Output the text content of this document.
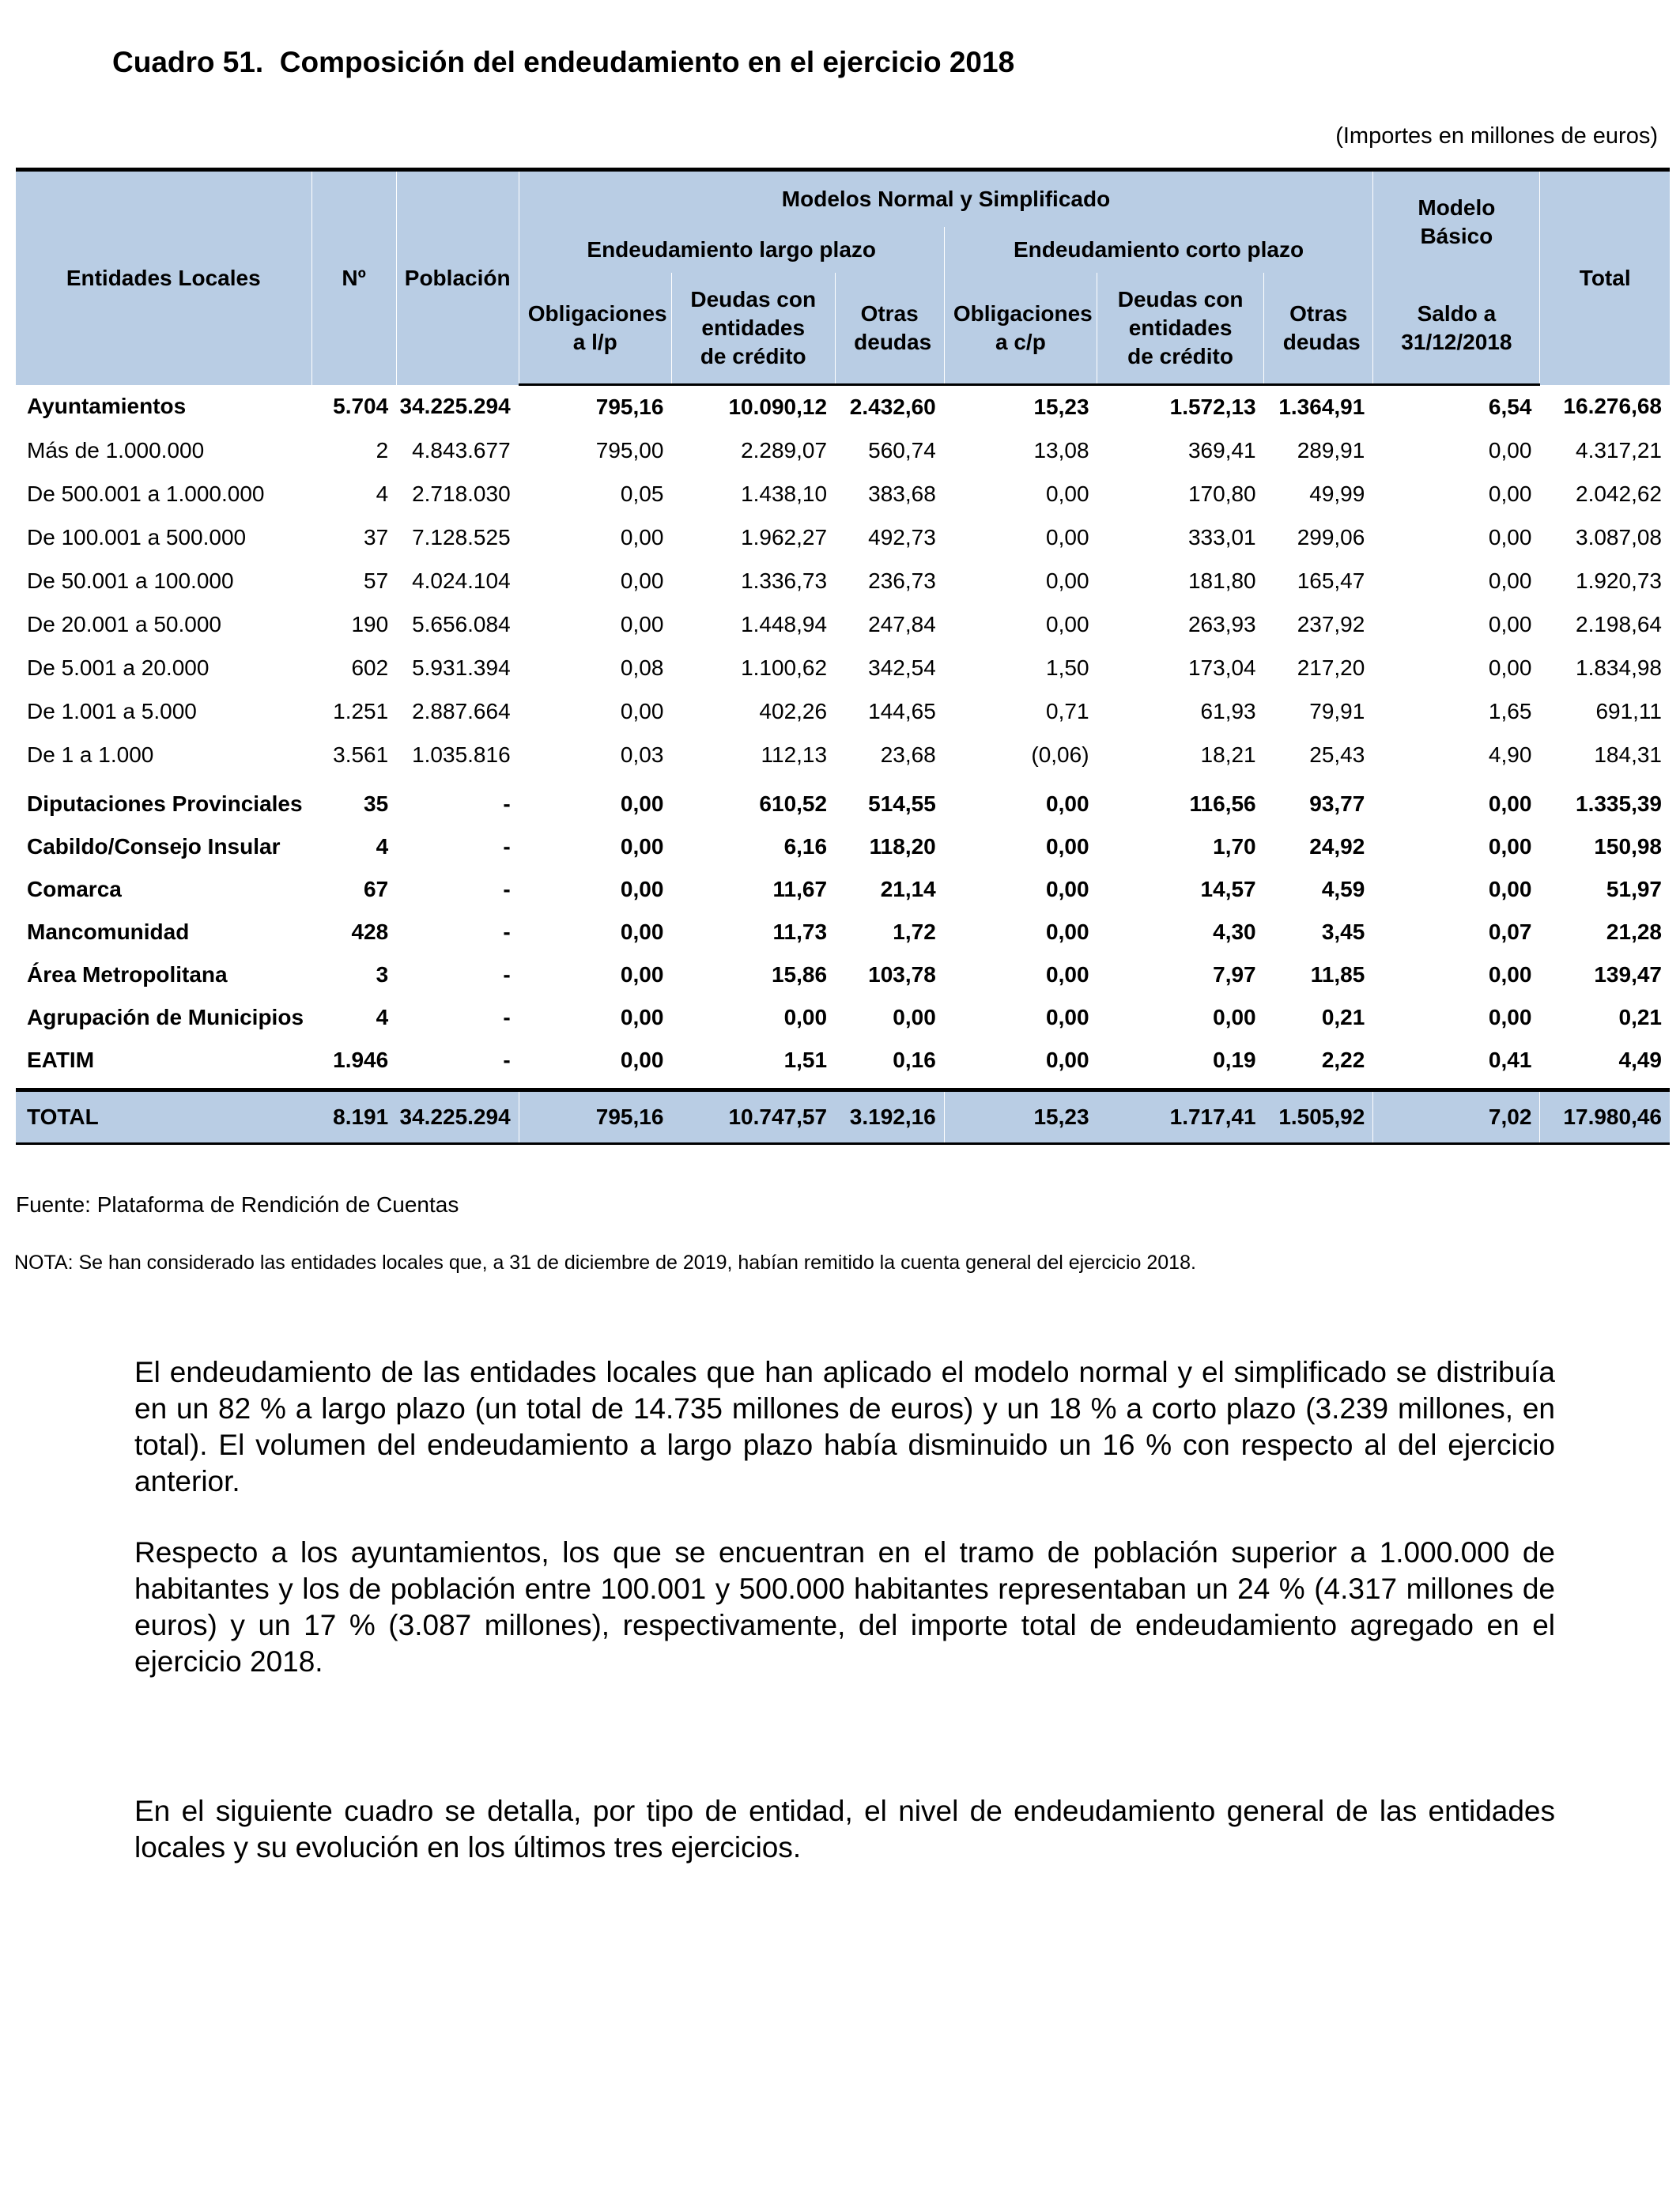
Cuadro 51.  Composición del endeudamiento en el ejercicio 2018
(Importes en millones de euros)
Entidades Locales	Nº	Población	Modelos Normal y Simplificado						Modelo Básico	Total
			Endeudamiento largo plazo			Endeudamiento corto plazo				
			Obligaciones a l/p	Deudas con entidades de crédito	Otras deudas	Obligaciones a c/p	Deudas con entidades de crédito	Otras deudas	Saldo a 31/12/2018	
Ayuntamientos	5.704	34.225.294	795,16	10.090,12	2.432,60	15,23	1.572,13	1.364,91	6,54	16.276,68
Más de 1.000.000	2	4.843.677	795,00	2.289,07	560,74	13,08	369,41	289,91	0,00	4.317,21
De 500.001 a 1.000.000	4	2.718.030	0,05	1.438,10	383,68	0,00	170,80	49,99	0,00	2.042,62
De 100.001 a 500.000	37	7.128.525	0,00	1.962,27	492,73	0,00	333,01	299,06	0,00	3.087,08
De 50.001 a 100.000	57	4.024.104	0,00	1.336,73	236,73	0,00	181,80	165,47	0,00	1.920,73
De 20.001 a 50.000	190	5.656.084	0,00	1.448,94	247,84	0,00	263,93	237,92	0,00	2.198,64
De 5.001 a 20.000	602	5.931.394	0,08	1.100,62	342,54	1,50	173,04	217,20	0,00	1.834,98
De 1.001 a 5.000	1.251	2.887.664	0,00	402,26	144,65	0,71	61,93	79,91	1,65	691,11
De 1 a 1.000	3.561	1.035.816	0,03	112,13	23,68	(0,06)	18,21	25,43	4,90	184,31

Diputaciones Provinciales	35	-	0,00	610,52	514,55	0,00	116,56	93,77	0,00	1.335,39
Cabildo/Consejo Insular	4	-	0,00	6,16	118,20	0,00	1,70	24,92	0,00	150,98
Comarca	67	-	0,00	11,67	21,14	0,00	14,57	4,59	0,00	51,97
Mancomunidad	428	-	0,00	11,73	1,72	0,00	4,30	3,45	0,07	21,28
Área Metropolitana	3	-	0,00	15,86	103,78	0,00	7,97	11,85	0,00	139,47
Agrupación de Municipios	4	-	0,00	0,00	0,00	0,00	0,00	0,21	0,00	0,21
EATIM	1.946	-	0,00	1,51	0,16	0,00	0,19	2,22	0,41	4,49

TOTAL	8.191	34.225.294	795,16	10.747,57	3.192,16	15,23	1.717,41	1.505,92	7,02	17.980,46
Fuente: Plataforma de Rendición de Cuentas
NOTA: Se han considerado las entidades locales que, a 31 de diciembre de 2019, habían remitido la cuenta general del ejercicio 2018.

El endeudamiento de las entidades locales que han aplicado el modelo normal y el simplificado se distribuía en un 82 % a largo plazo (un total de 14.735 millones de euros) y un 18 % a corto plazo (3.239 millones, en total). El volumen del endeudamiento a largo plazo había disminuido un 16 % con respecto al del ejercicio anterior.

Respecto a los ayuntamientos, los que se encuentran en el tramo de población superior a 1.000.000 de habitantes y los de población entre 100.001 y 500.000 habitantes representaban un 24 % (4.317 millones de euros) y un 17 % (3.087 millones), respectivamente, del importe total de endeudamiento agregado en el ejercicio 2018.

En el siguiente cuadro se detalla, por tipo de entidad, el nivel de endeudamiento general de las entidades locales y su evolución en los últimos tres ejercicios.
